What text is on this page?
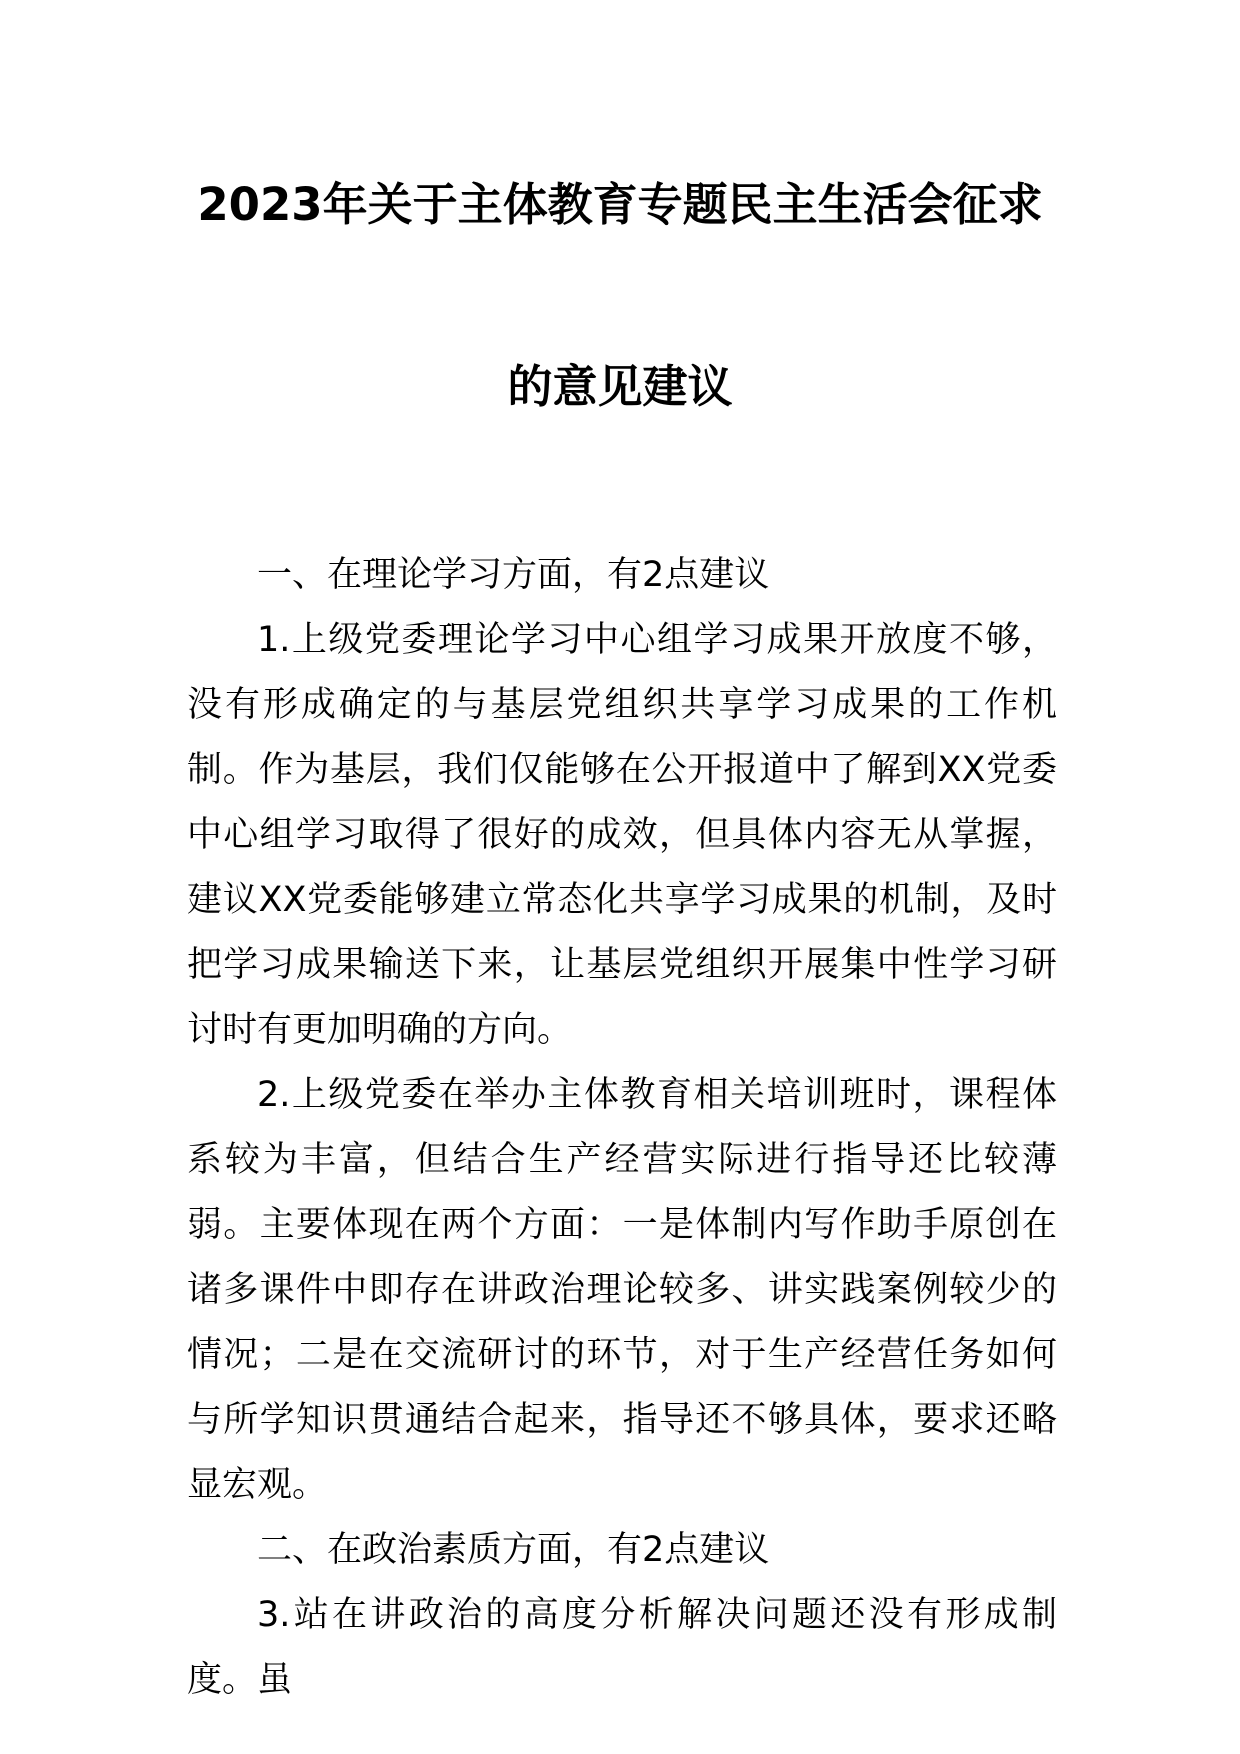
2023年关于主体教育专题民主生活会征求
的意见建议

一、在理论学习方面，有2点建议

1.上级党委理论学习中心组学习成果开放度不够，没有形成确定的与基层党组织共享学习成果的工作机制。作为基层，我们仅能够在公开报道中了解到XX党委中心组学习取得了很好的成效，但具体内容无从掌握，建议XX党委能够建立常态化共享学习成果的机制，及时把学习成果输送下来，让基层党组织开展集中性学习研讨时有更加明确的方向。

2.上级党委在举办主体教育相关培训班时，课程体系较为丰富，但结合生产经营实际进行指导还比较薄弱。主要体现在两个方面：一是体制内写作助手原创在诸多课件中即存在讲政治理论较多、讲实践案例较少的情况；二是在交流研讨的环节，对于生产经营任务如何与所学知识贯通结合起来，指导还不够具体，要求还略显宏观。

二、在政治素质方面，有2点建议

3.站在讲政治的高度分析解决问题还没有形成制度。虽
